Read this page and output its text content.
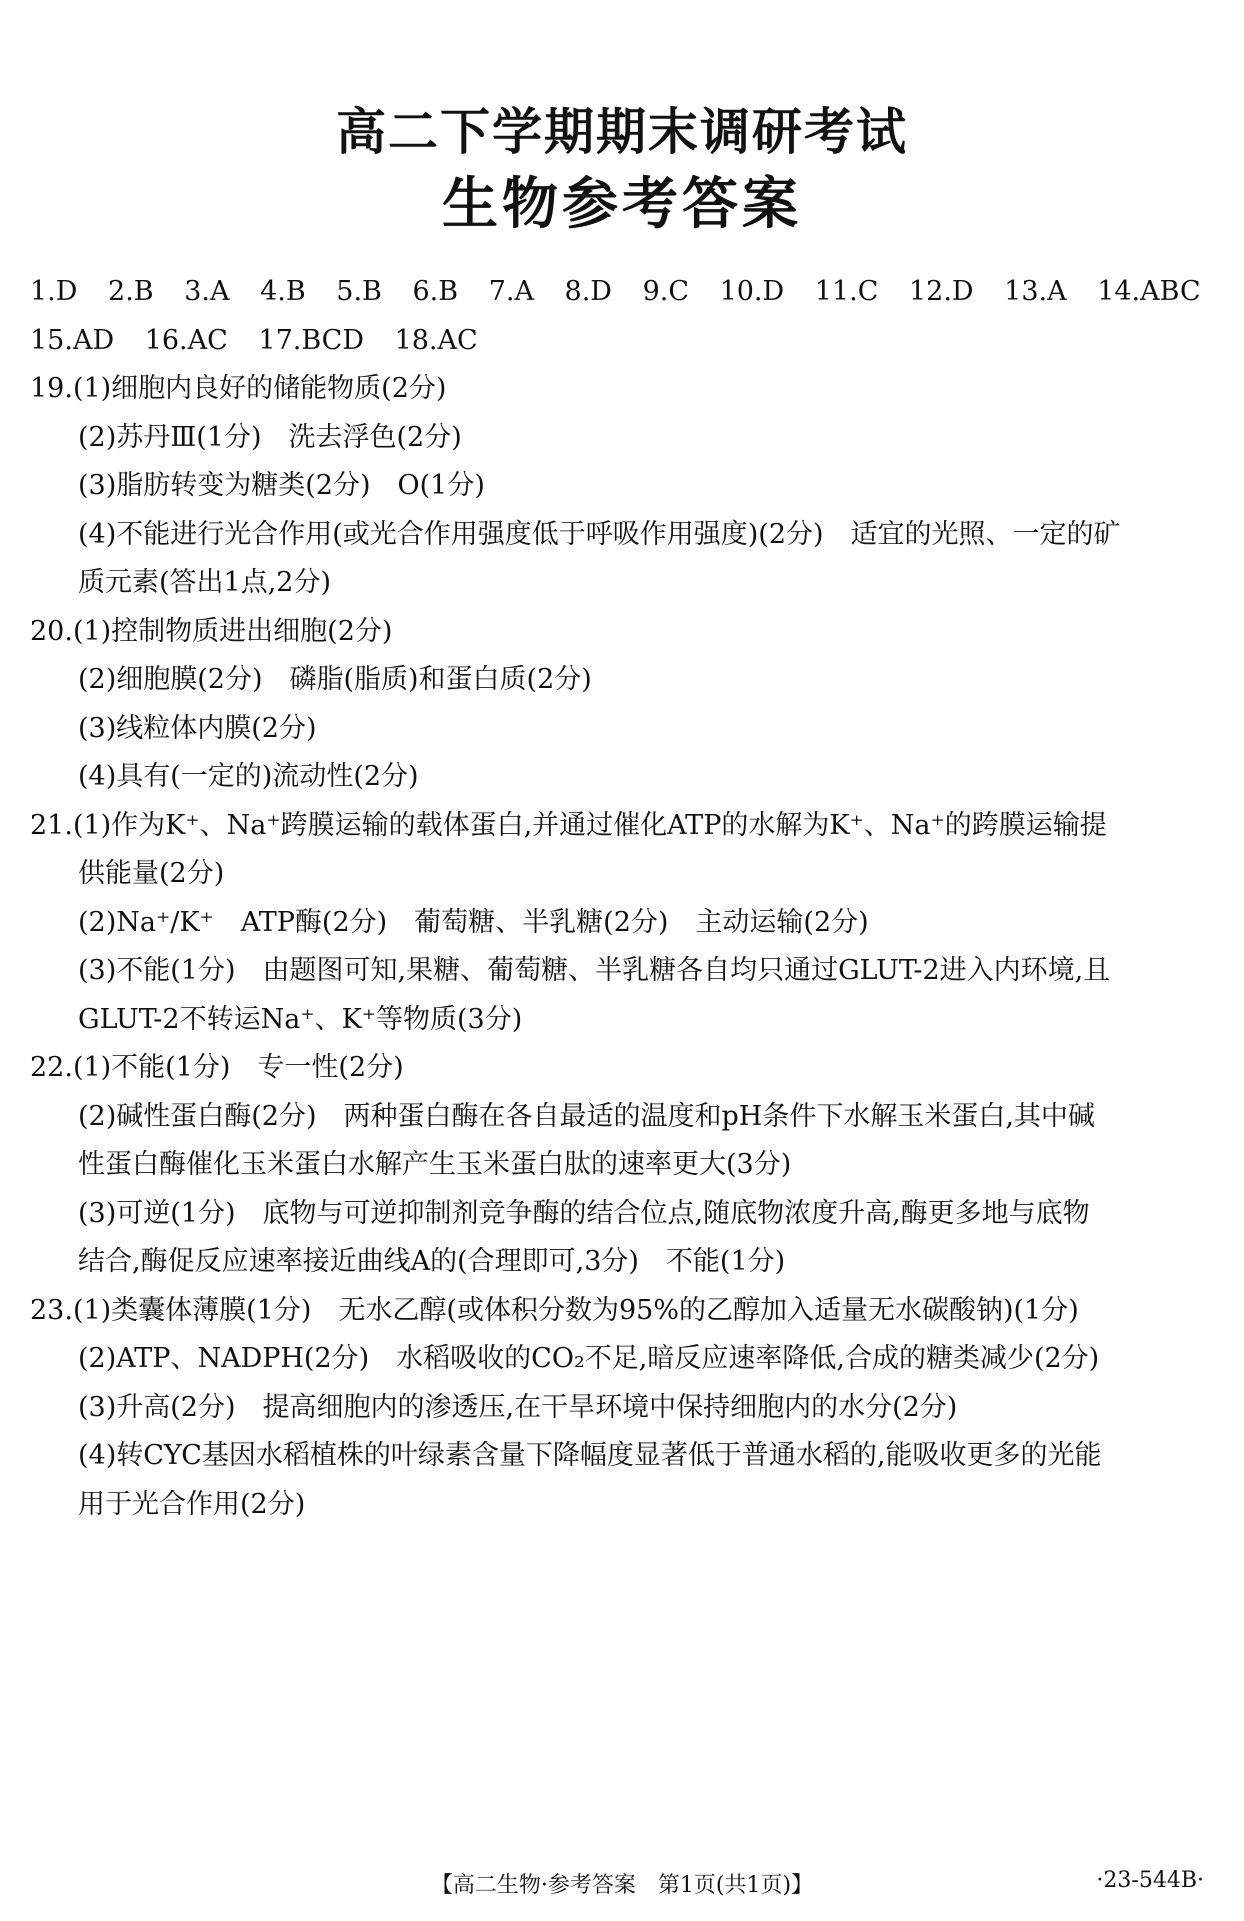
高二下学期期末调研考试
生物参考答案
1.D 2.B 3.A 4.B 5.B 6.B 7.A 8.D 9.C 10.D 11.C 12.D 13.A 14.ABC
15.AD 16.AC 17.BCD 18.AC
19.(1)细胞内良好的储能物质(2分)
(2)苏丹Ⅲ(1分)　洗去浮色(2分)
(3)脂肪转变为糖类(2分)　O(1分)
(4)不能进行光合作用(或光合作用强度低于呼吸作用强度)(2分)　适宜的光照、一定的矿
质元素(答出1点,2分)
20.(1)控制物质进出细胞(2分)
(2)细胞膜(2分)　磷脂(脂质)和蛋白质(2分)
(3)线粒体内膜(2分)
(4)具有(一定的)流动性(2分)
21.(1)作为K⁺、Na⁺跨膜运输的载体蛋白,并通过催化ATP的水解为K⁺、Na⁺的跨膜运输提
供能量(2分)
(2)Na⁺/K⁺　ATP酶(2分)　葡萄糖、半乳糖(2分)　主动运输(2分)
(3)不能(1分)　由题图可知,果糖、葡萄糖、半乳糖各自均只通过GLUT-2进入内环境,且
GLUT-2不转运Na⁺、K⁺等物质(3分)
22.(1)不能(1分)　专一性(2分)
(2)碱性蛋白酶(2分)　两种蛋白酶在各自最适的温度和pH条件下水解玉米蛋白,其中碱
性蛋白酶催化玉米蛋白水解产生玉米蛋白肽的速率更大(3分)
(3)可逆(1分)　底物与可逆抑制剂竞争酶的结合位点,随底物浓度升高,酶更多地与底物
结合,酶促反应速率接近曲线A的(合理即可,3分)　不能(1分)
23.(1)类囊体薄膜(1分)　无水乙醇(或体积分数为95%的乙醇加入适量无水碳酸钠)(1分)
(2)ATP、NADPH(2分)　水稻吸收的CO₂不足,暗反应速率降低,合成的糖类减少(2分)
(3)升高(2分)　提高细胞内的渗透压,在干旱环境中保持细胞内的水分(2分)
(4)转CYC基因水稻植株的叶绿素含量下降幅度显著低于普通水稻的,能吸收更多的光能
用于光合作用(2分)
【高二生物·参考答案　第1页(共1页)】	·23-544B·
